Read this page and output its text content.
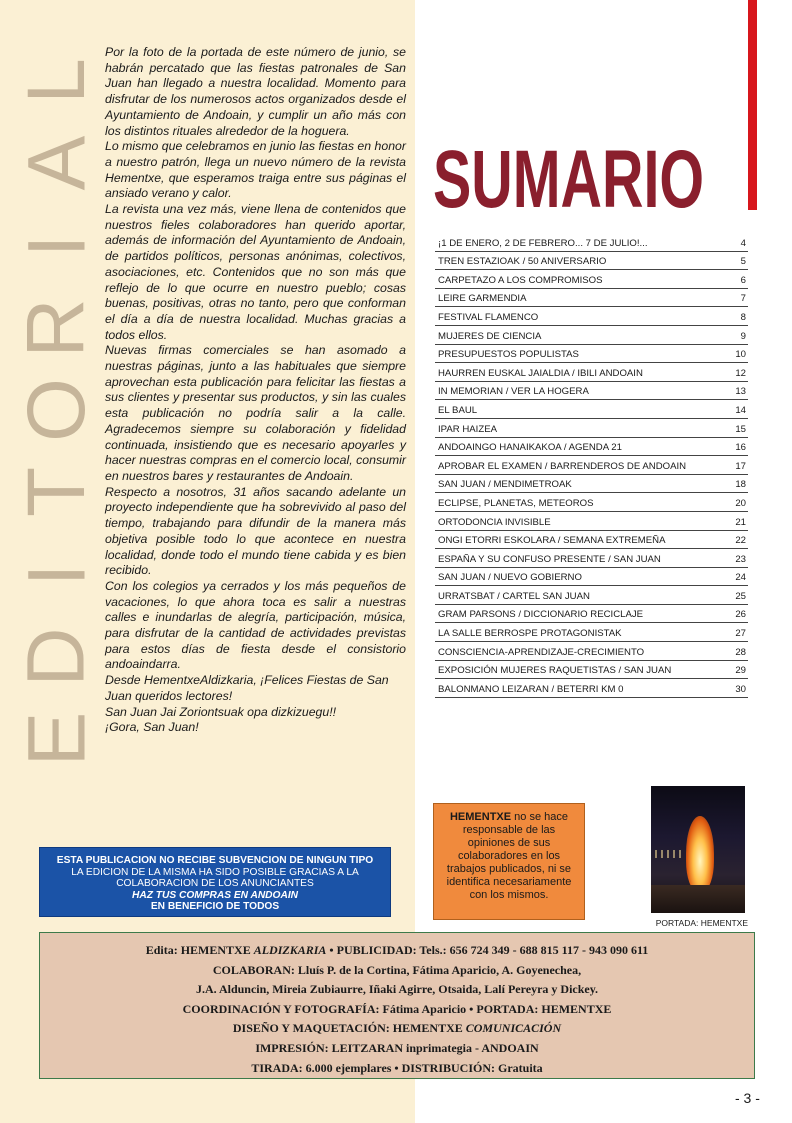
L
A
I
R
O
T
I
D
E

Por la foto de la portada de este número de junio, se habrán percatado que las fiestas patronales de San Juan han llegado a nuestra localidad. Momento para disfrutar de los numerosos actos organizados desde el Ayuntamiento de Andoain, y cumplir un año más con los distintos rituales alrededor de la hoguera.

Lo mismo que celebramos en junio las fiestas en honor a nuestro patrón, llega un nuevo número de la revista Hementxe, que esperamos traiga entre sus páginas el ansiado verano y calor.

La revista una vez más, viene llena de contenidos que nuestros fieles colaboradores han querido aportar, además de información del Ayuntamiento de Andoain, de partidos políticos, personas anónimas, colectivos, asociaciones, etc. Contenidos que no son más que reflejo de lo que ocurre en nuestro pueblo; cosas buenas, positivas, otras no tanto, pero que conforman el día a día de nuestra localidad. Muchas gracias a todos ellos.

Nuevas firmas comerciales se han asomado a nuestras páginas, junto a las habituales que siempre aprovechan esta publicación para felicitar las fiestas a sus clientes y presentar sus productos, y sin las cuales esta publicación no podría salir a la calle. Agradecemos siempre su colaboración y fidelidad continuada, insistiendo que es necesario apoyarles y hacer nuestras compras en el comercio local, consumir en nuestros bares y restaurantes de Andoain.

Respecto a nosotros, 31 años sacando adelante un proyecto independiente que ha sobrevivido al paso del tiempo, trabajando para difundir de la manera más objetiva posible todo lo que acontece en nuestra localidad, donde todo el mundo tiene cabida y es bien recibido.

Con los colegios ya cerrados y los más pequeños de vacaciones, lo que ahora toca es salir a nuestras calles e inundarlas de alegría, participación, música, para disfrutar de la cantidad de actividades previstas para estos días de fiesta desde el consistorio andoaindarra.

Desde HementxeAldizkaria, ¡Felices Fiestas de San Juan queridos lectores!

San Juan Jai Zoriontsuak opa dizkizuegu!!

¡Gora, San Juan!

ESTA PUBLICACION NO RECIBE SUBVENCION DE NINGUN TIPO
LA EDICION DE LA MISMA HA SIDO POSIBLE GRACIAS A LA
COLABORACION DE LOS ANUNCIANTES
HAZ TUS COMPRAS EN ANDOAIN
EN BENEFICIO DE TODOS
SUMARIO
¡1 DE ENERO, 2 DE FEBRERO... 7 DE JULIO!...	4
TREN ESTAZIOAK / 50 ANIVERSARIO	5
CARPETAZO A LOS COMPROMISOS	6
LEIRE GARMENDIA	7
FESTIVAL FLAMENCO	8
MUJERES DE CIENCIA	9
PRESUPUESTOS POPULISTAS	10
HAURREN EUSKAL JAIALDIA / IBILI ANDOAIN	12
IN MEMORIAN / VER LA HOGERA	13
EL BAUL	14
IPAR HAIZEA	15
ANDOAINGO HANAIKAKOA / AGENDA 21	16
APROBAR EL EXAMEN / BARRENDEROS DE ANDOAIN	17
SAN JUAN / MENDIMETROAK	18
ECLIPSE, PLANETAS, METEOROS	20
ORTODONCIA INVISIBLE	21
ONGI ETORRI ESKOLARA / SEMANA EXTREMEÑA	22
ESPAÑA Y SU CONFUSO PRESENTE / SAN JUAN	23
SAN JUAN / NUEVO GOBIERNO	24
URRATSBAT / CARTEL SAN JUAN	25
GRAM PARSONS / DICCIONARIO RECICLAJE	26
LA SALLE BERROSPE PROTAGONISTAK	27
CONSCIENCIA-APRENDIZAJE-CRECIMIENTO	28
EXPOSICIÓN MUJERES RAQUETISTAS / SAN JUAN	29
BALONMANO LEIZARAN / BETERRI KM 0	30
HEMENTXE no se hace responsable de las opiniones de sus colaboradores en los trabajos publicados, ni se identifica necesariamente con los mismos.
PORTADA: HEMENTXE
Edita: HEMENTXE ALDIZKARIA • PUBLICIDAD: Tels.: 656 724 349 - 688 815 117 - 943 090 611
COLABORAN: Lluís P. de la Cortina, Fátima Aparicio, A. Goyenechea,
J.A. Alduncin, Mireia Zubiaurre, Iñaki Agirre, Otsaida, Lalí Pereyra y Dickey.
COORDINACIÓN Y FOTOGRAFÍA: Fátima Aparicio • PORTADA: HEMENTXE
DISEÑO Y MAQUETACIÓN: HEMENTXE COMUNICACIÓN
IMPRESIÓN: LEITZARAN inprimategia - ANDOAIN
TIRADA: 6.000 ejemplares • DISTRIBUCIÓN: Gratuita
- 3 -
